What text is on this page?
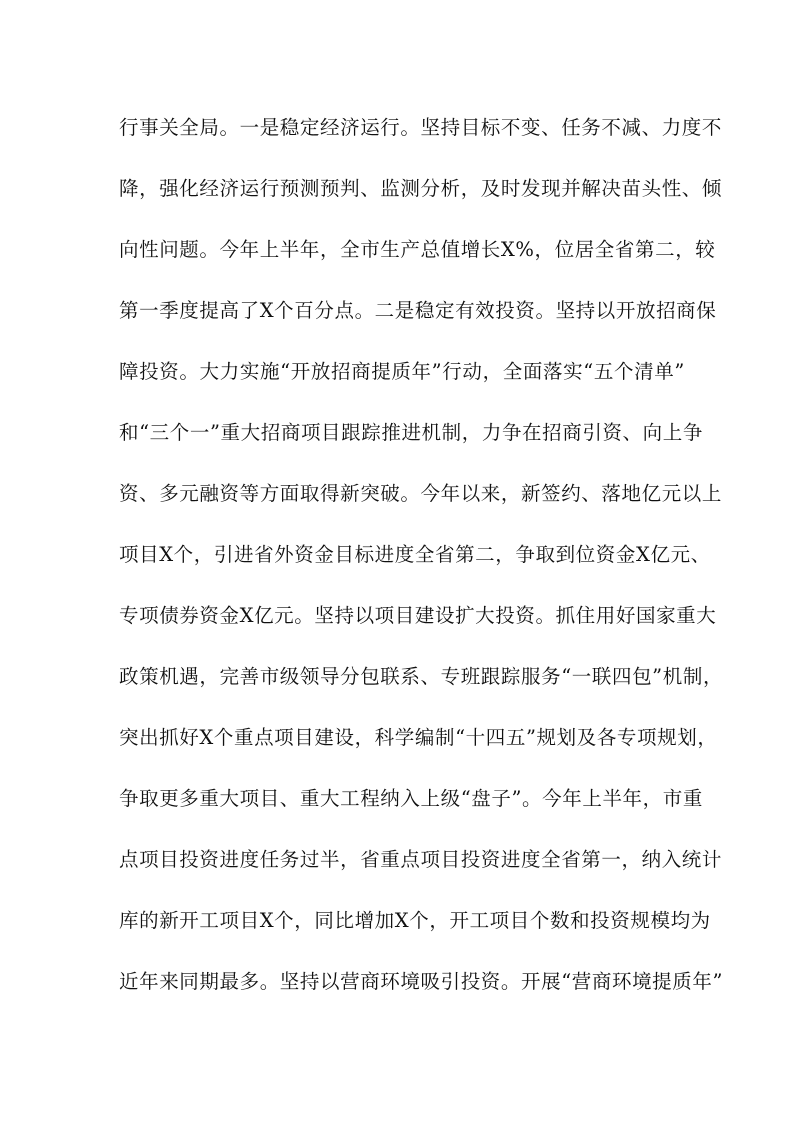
行事关全局。一是稳定经济运行。坚持目标不变、任务不减、力度不
降，强化经济运行预测预判、监测分析，及时发现并解决苗头性、倾
向性问题。今年上半年，全市生产总值增长X%，位居全省第二，较
第一季度提高了X个百分点。二是稳定有效投资。坚持以开放招商保
障投资。大力实施“开放招商提质年”行动，全面落实“五个清单”
和“三个一”重大招商项目跟踪推进机制，力争在招商引资、向上争
资、多元融资等方面取得新突破。今年以来，新签约、落地亿元以上
项目X个，引进省外资金目标进度全省第二，争取到位资金X亿元、
专项债券资金X亿元。坚持以项目建设扩大投资。抓住用好国家重大
政策机遇，完善市级领导分包联系、专班跟踪服务“一联四包”机制，
突出抓好X个重点项目建设，科学编制“十四五”规划及各专项规划，
争取更多重大项目、重大工程纳入上级“盘子”。今年上半年，市重
点项目投资进度任务过半，省重点项目投资进度全省第一，纳入统计
库的新开工项目X个，同比增加X个，开工项目个数和投资规模均为
近年来同期最多。坚持以营商环境吸引投资。开展“营商环境提质年”
